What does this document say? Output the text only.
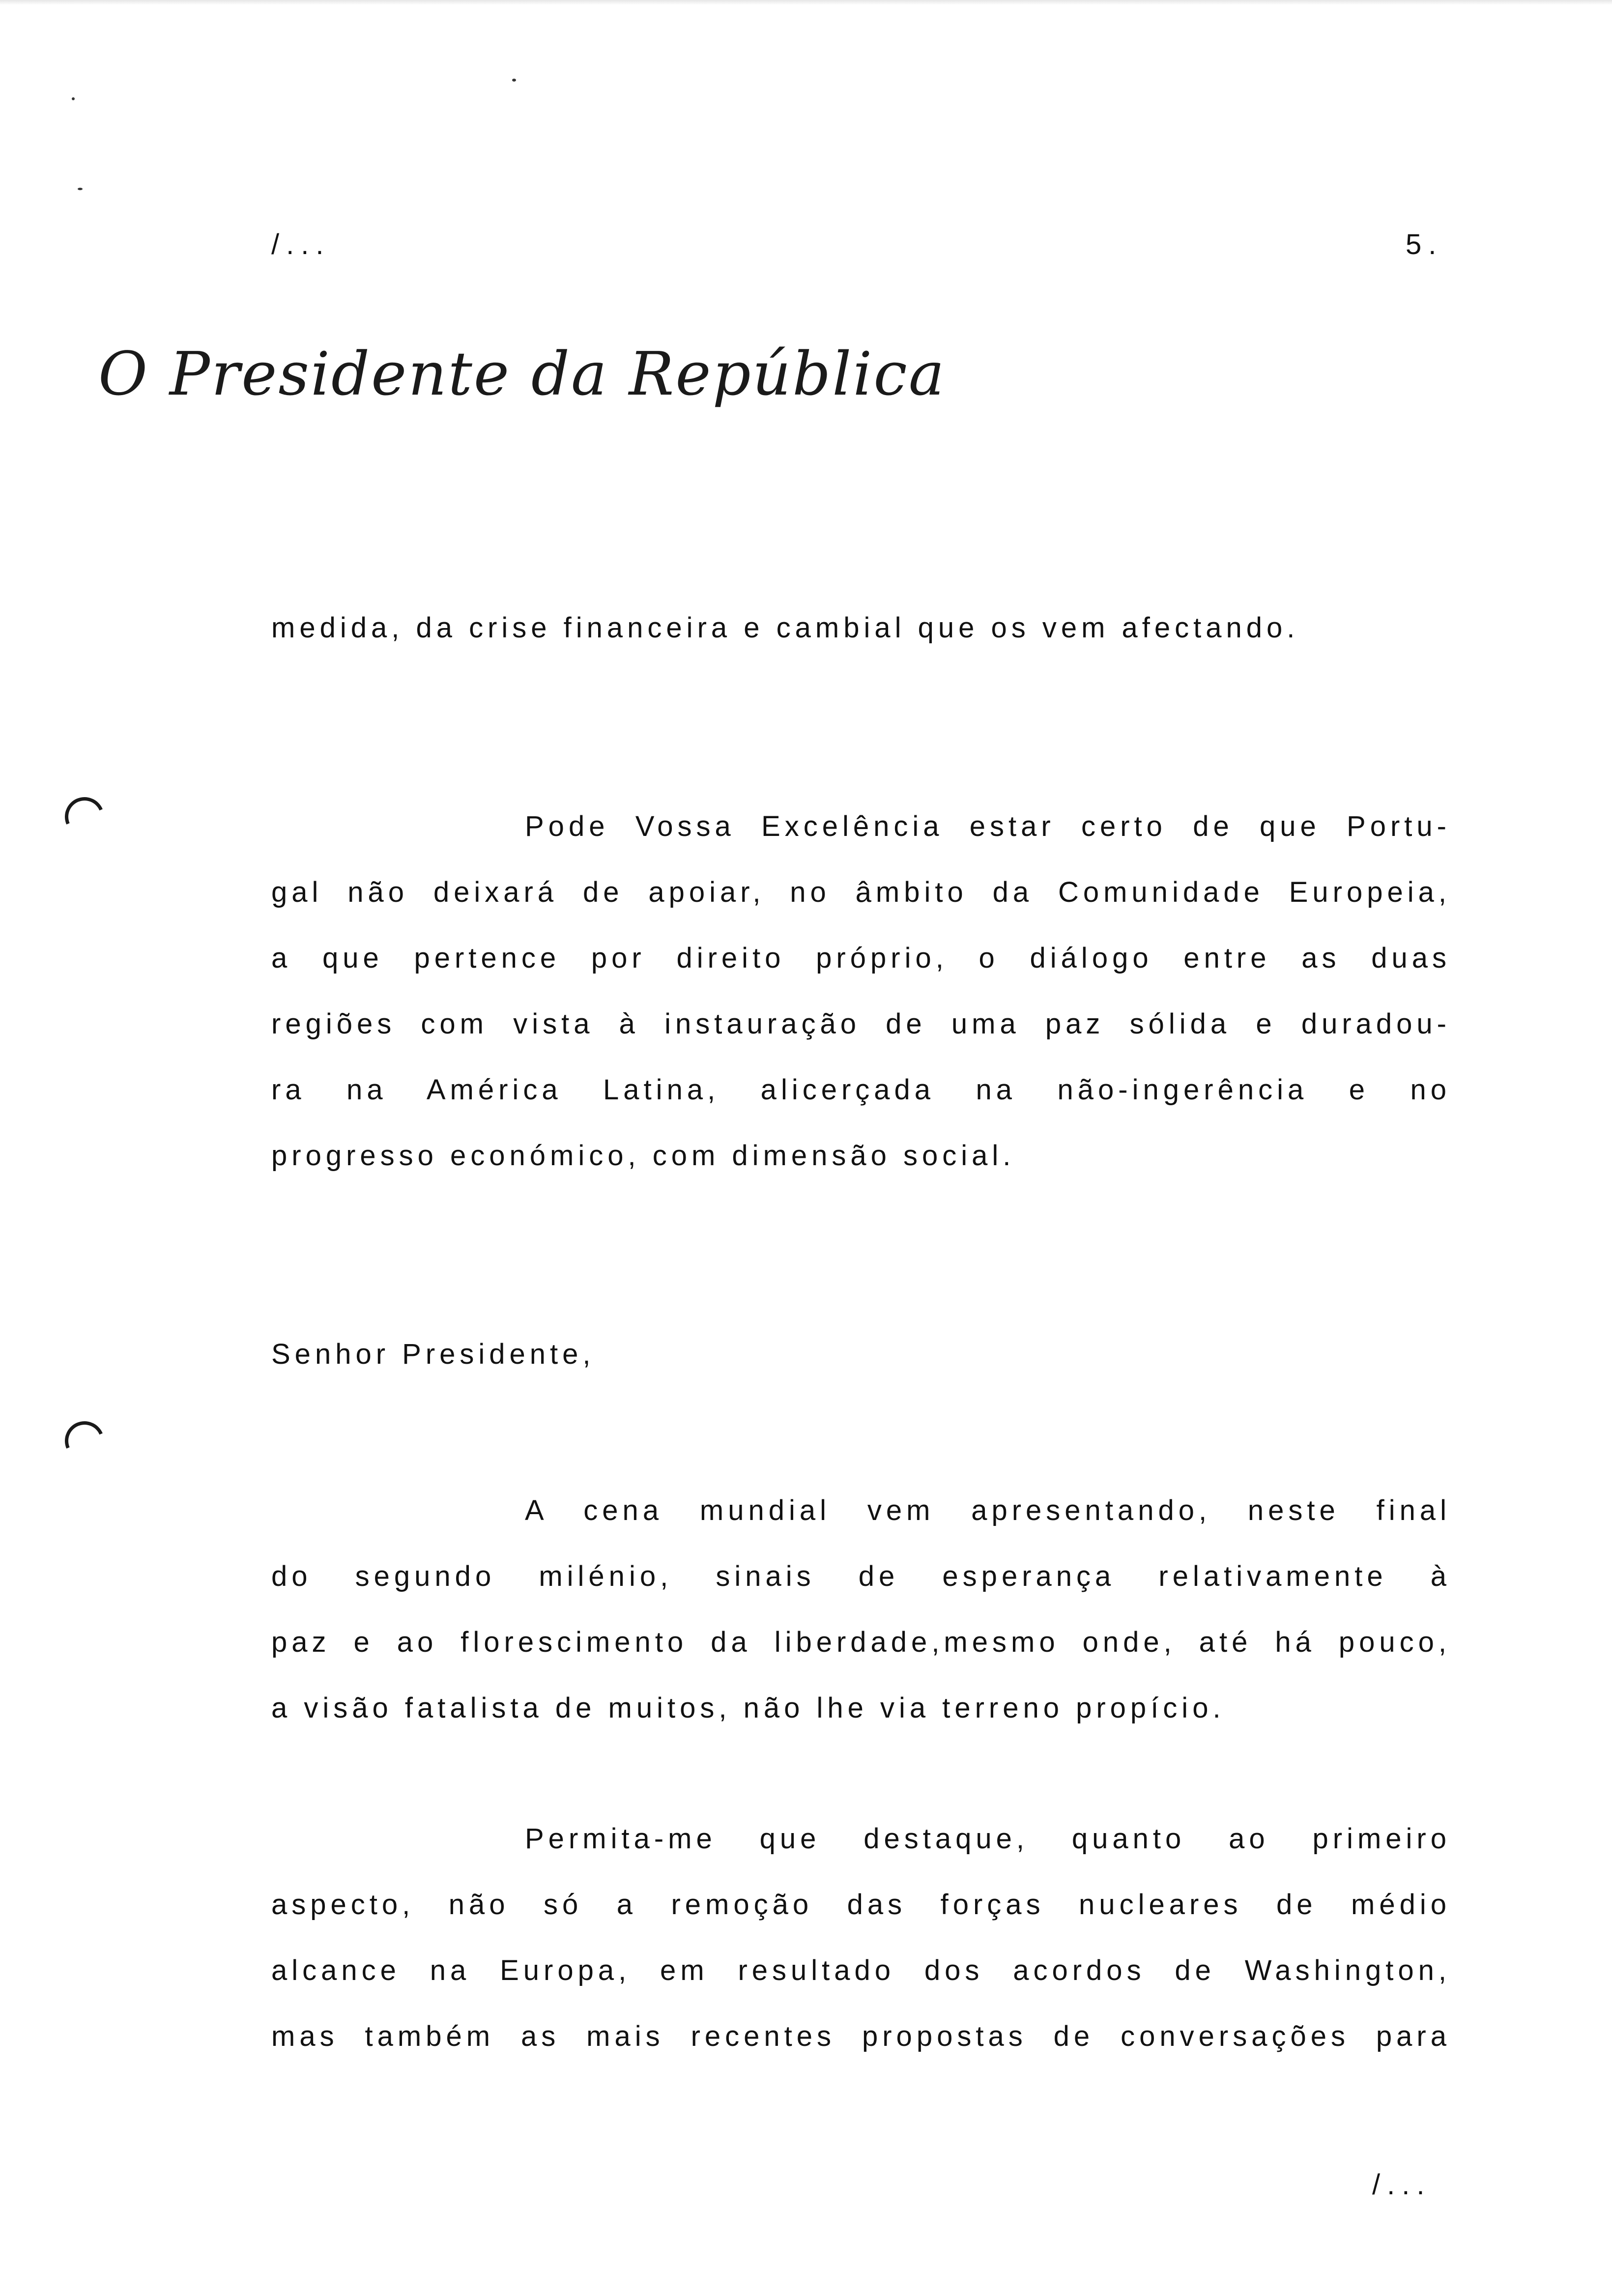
/...	5.
O Presidente da República
medida, da crise financeira e cambial que os vem afectando.
Pode Vossa Excelência estar certo de que Portu-
gal não deixará de apoiar, no âmbito da Comunidade Europeia,
a que pertence por direito próprio, o diálogo entre as duas
regiões com vista à instauração de uma paz sólida e duradou-
ra na América Latina, alicerçada na não-ingerência e no
progresso económico, com dimensão social.
Senhor Presidente,
A cena mundial vem apresentando, neste final
do segundo milénio, sinais de esperança relativamente à
paz e ao florescimento da liberdade,mesmo onde, até há pouco,
a visão fatalista de muitos, não lhe via terreno propício.
Permita-me que destaque, quanto ao primeiro
aspecto, não só a remoção das forças nucleares de médio
alcance na Europa, em resultado dos acordos de Washington,
mas também as mais recentes propostas de conversações para
/...
